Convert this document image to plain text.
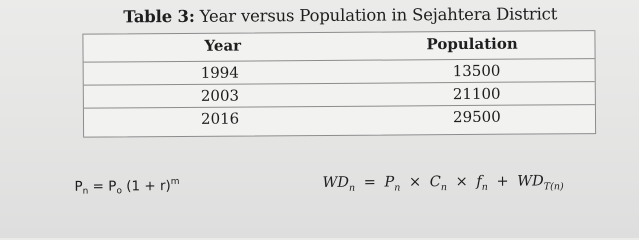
Table 3: Year versus Population in Sejahtera District
Year	Population
1994	13500
2003	21100
2016	29500
$P_n = P_o$ $(1 + r)^m$	$WD_n = P_n \times C_n \times f_n + WD_{T(n)}$
